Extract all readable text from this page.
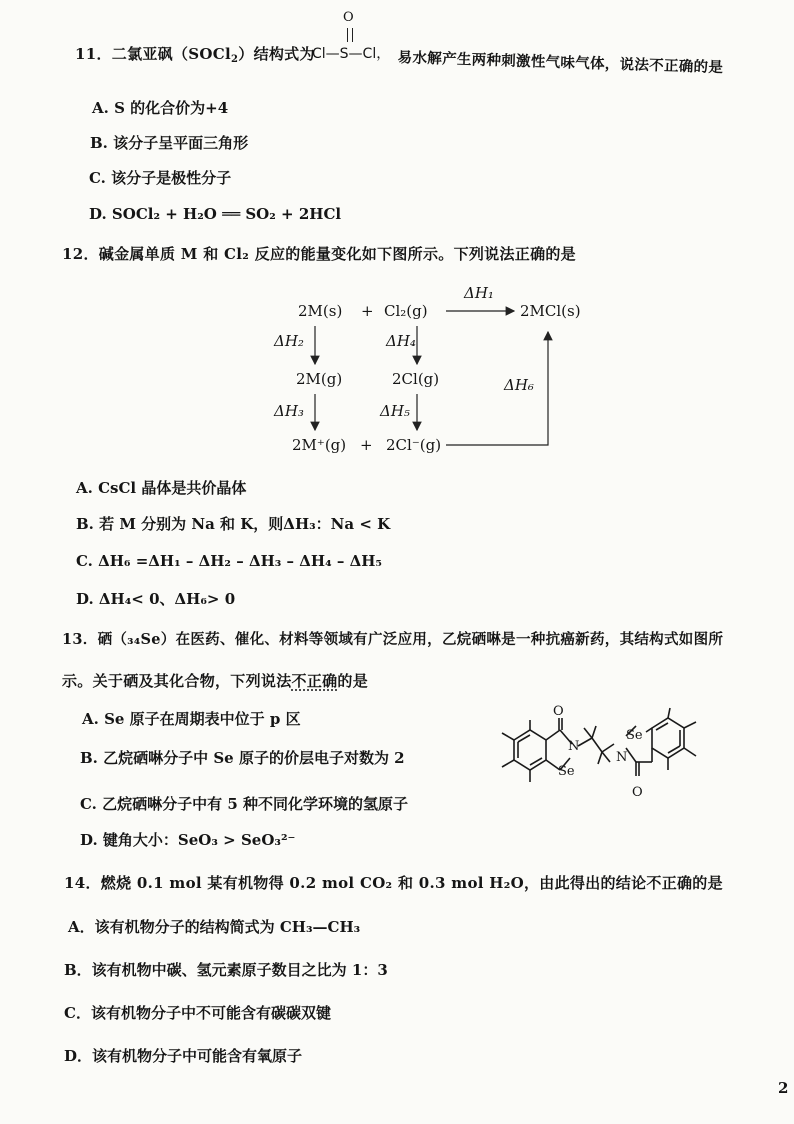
11．二氯亚砜（SOCl$_2$）结构式为
O
Cl—S—Cl， 易水解产生两种刺激性气味气体，说法不正确的是
A. S 的化合价为+4
B. 该分子呈平面三角形
C. 该分子是极性分子
D. SOCl₂ + H₂O ══ SO₂ + 2HCl
12．碱金属单质 M 和 Cl₂ 反应的能量变化如下图所示。下列说法正确的是
2M(s) + Cl₂(g)
ΔH₁
2MCl(s)
ΔH₂	ΔH₄
2M(g)	2Cl(g)	ΔH₆
ΔH₃	ΔH₅
2M⁺(g) + 2Cl⁻(g)
A. CsCl 晶体是共价晶体
B. 若 M 分别为 Na 和 K，则ΔH₃：Na < K
C. ΔH₆ =ΔH₁ – ΔH₂ – ΔH₃ – ΔH₄ – ΔH₅
D. ΔH₄< 0、ΔH₆> 0
13．硒（₃₄Se）在医药、催化、材料等领域有广泛应用，乙烷硒啉是一种抗癌新药，其结构式如图所
示。关于硒及其化合物，下列说法不正确的是
A. Se 原子在周期表中位于 p 区
B. 乙烷硒啉分子中 Se 原子的价层电子对数为 2
C. 乙烷硒啉分子中有 5 种不同化学环境的氢原子
D. 键角大小：SeO₃ > SeO₃²⁻
O
N
Se
Se
N
O
14．燃烧 0.1 mol 某有机物得 0.2 mol CO₂ 和 0.3 mol H₂O，由此得出的结论不正确的是
A．该有机物分子的结构简式为 CH₃—CH₃
B．该有机物中碳、氢元素原子数目之比为 1：3
C．该有机物分子中不可能含有碳碳双键
D．该有机物分子中可能含有氧原子
2
